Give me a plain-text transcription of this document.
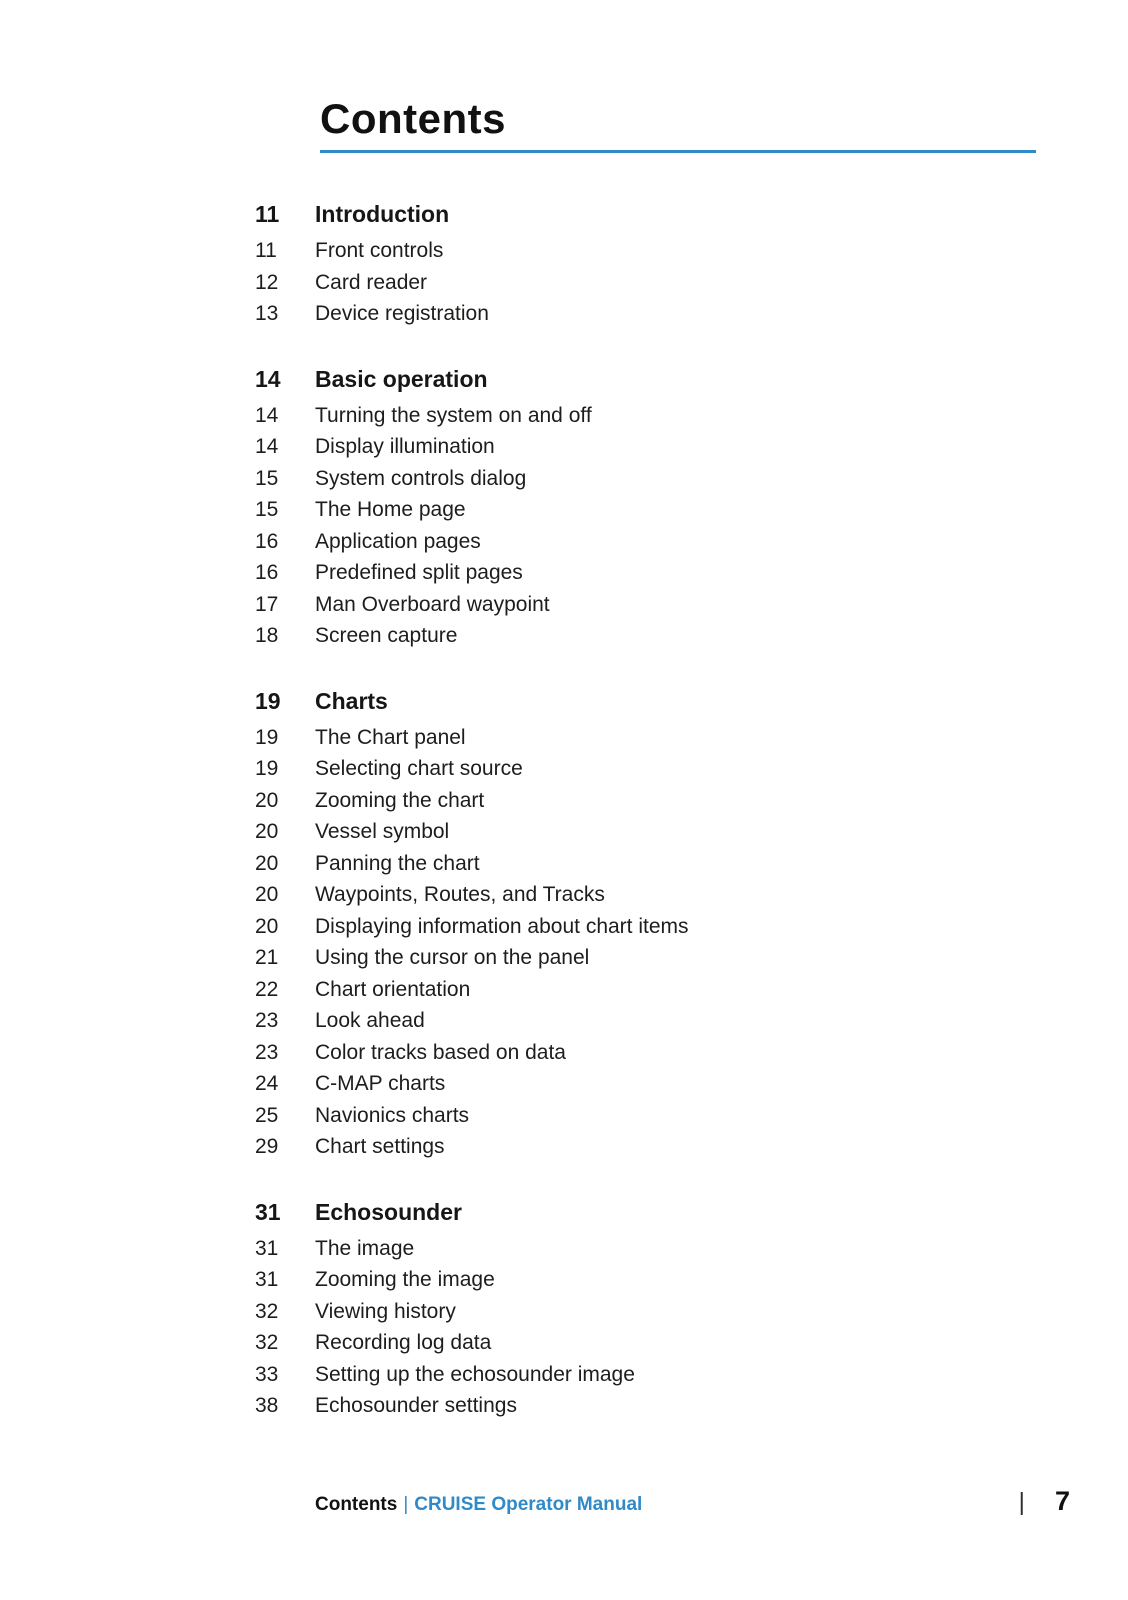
Contents
11	Introduction
11	Front controls
12	Card reader
13	Device registration
14	Basic operation
14	Turning the system on and off
14	Display illumination
15	System controls dialog
15	The Home page
16	Application pages
16	Predefined split pages
17	Man Overboard waypoint
18	Screen capture
19	Charts
19	The Chart panel
19	Selecting chart source
20	Zooming the chart
20	Vessel symbol
20	Panning the chart
20	Waypoints, Routes, and Tracks
20	Displaying information about chart items
21	Using the cursor on the panel
22	Chart orientation
23	Look ahead
23	Color tracks based on data
24	C-MAP charts
25	Navionics charts
29	Chart settings
31	Echosounder
31	The image
31	Zooming the image
32	Viewing history
32	Recording log data
33	Setting up the echosounder image
38	Echosounder settings
Contents | CRUISE Operator Manual	| 7
